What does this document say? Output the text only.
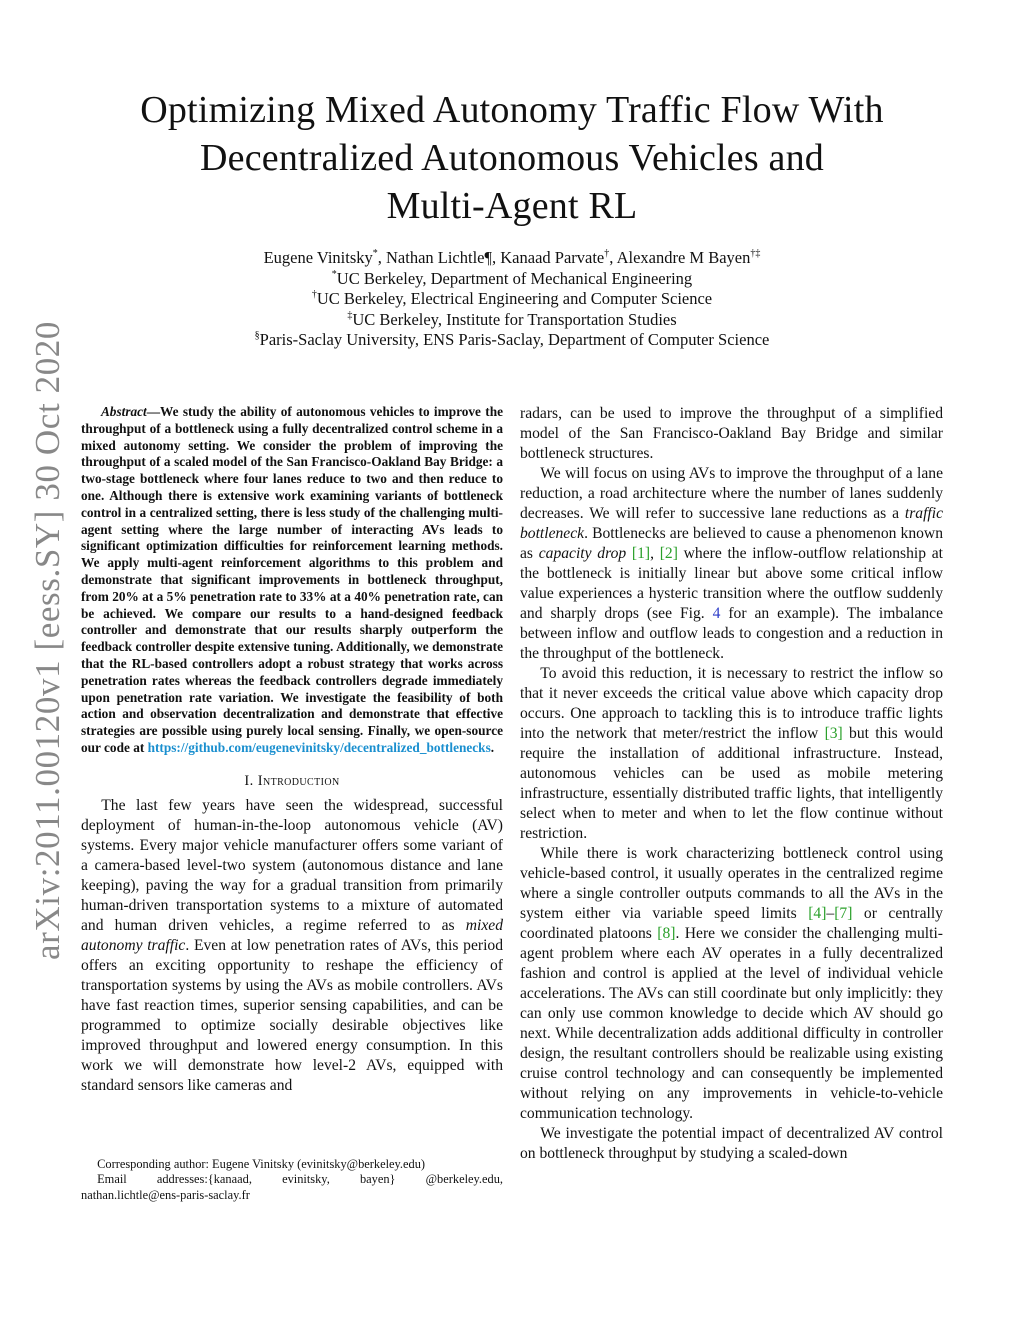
Optimizing Mixed Autonomy Traffic Flow With
Decentralized Autonomous Vehicles and
Multi-Agent RL
Eugene Vinitsky*, Nathan Lichtle¶, Kanaad Parvate†, Alexandre M Bayen†‡
*UC Berkeley, Department of Mechanical Engineering
†UC Berkeley, Electrical Engineering and Computer Science
‡UC Berkeley, Institute for Transportation Studies
§Paris-Saclay University, ENS Paris-Saclay, Department of Computer Science
arXiv:2011.00120v1 [eess.SY] 30 Oct 2020	Abstract—We study the ability of autonomous vehicles to improve the throughput of a bottleneck using a fully decentralized control scheme in a mixed autonomy setting. We consider the problem of improving the throughput of a scaled model of the San Francisco-Oakland Bay Bridge: a two-stage bottleneck where four lanes reduce to two and then reduce to one. Although there is extensive work examining variants of bottleneck control in a centralized setting, there is less study of the challenging multi-agent setting where the large number of interacting AVs leads to significant optimization difficulties for reinforcement learning methods. We apply multi-agent reinforcement algorithms to this problem and demonstrate that significant improvements in bottleneck throughput, from 20% at a 5% penetration rate to 33% at a 40% penetration rate, can be achieved. We compare our results to a hand-designed feedback controller and demonstrate that our results sharply outperform the feedback controller despite extensive tuning. Additionally, we demonstrate that the RL-based controllers adopt a robust strategy that works across penetration rates whereas the feedback controllers degrade immediately upon penetration rate variation. We investigate the feasibility of both action and observation decentralization and demonstrate that effective strategies are possible using purely local sensing. Finally, we open-source our code at https://github.com/eugenevinitsky/decentralized_bottlenecks.

I. Introduction

The last few years have seen the widespread, successful deployment of human-in-the-loop autonomous vehicle (AV) systems. Every major vehicle manufacturer offers some variant of a camera-based level-two system (autonomous distance and lane keeping), paving the way for a gradual transition from primarily human-driven transportation systems to a mixture of automated and human driven vehicles, a regime referred to as mixed autonomy traffic. Even at low penetration rates of AVs, this period offers an exciting opportunity to reshape the efficiency of transportation systems by using the AVs as mobile controllers. AVs have fast reaction times, superior sensing capabilities, and can be programmed to optimize socially desirable objectives like improved throughput and lowered energy consumption. In this work we will demonstrate how level-2 AVs, equipped with standard sensors like cameras and

Corresponding author: Eugene Vinitsky (evinitsky@berkeley.edu)

Email addresses:{kanaad, evinitsky, bayen} @berkeley.edu,

nathan.lichtle@ens-paris-saclay.fr

radars, can be used to improve the throughput of a simplified model of the San Francisco-Oakland Bay Bridge and similar bottleneck structures.

We will focus on using AVs to improve the throughput of a lane reduction, a road architecture where the number of lanes suddenly decreases. We will refer to successive lane reductions as a traffic bottleneck. Bottlenecks are believed to cause a phenomenon known as capacity drop [1], [2] where the inflow-outflow relationship at the bottleneck is initially linear but above some critical inflow value experiences a hysteric transition where the outflow suddenly and sharply drops (see Fig. 4 for an example). The imbalance between inflow and outflow leads to congestion and a reduction in the throughput of the bottleneck.

To avoid this reduction, it is necessary to restrict the inflow so that it never exceeds the critical value above which capacity drop occurs. One approach to tackling this is to introduce traffic lights into the network that meter/restrict the inflow [3] but this would require the installation of additional infrastructure. Instead, autonomous vehicles can be used as mobile metering infrastructure, essentially distributed traffic lights, that intelligently select when to meter and when to let the flow continue without restriction.

While there is work characterizing bottleneck control using vehicle-based control, it usually operates in the centralized regime where a single controller outputs commands to all the AVs in the system either via variable speed limits [4]–[7] or centrally coordinated platoons [8]. Here we consider the challenging multi-agent problem where each AV operates in a fully decentralized fashion and control is applied at the level of individual vehicle accelerations. The AVs can still coordinate but only implicitly: they can only use common knowledge to decide which AV should go next. While decentralization adds additional difficulty in controller design, the resultant controllers should be realizable using existing cruise control technology and can consequently be implemented without relying on any improvements in vehicle-to-vehicle communication technology.

We investigate the potential impact of decentralized AV control on bottleneck throughput by studying a scaled-down
